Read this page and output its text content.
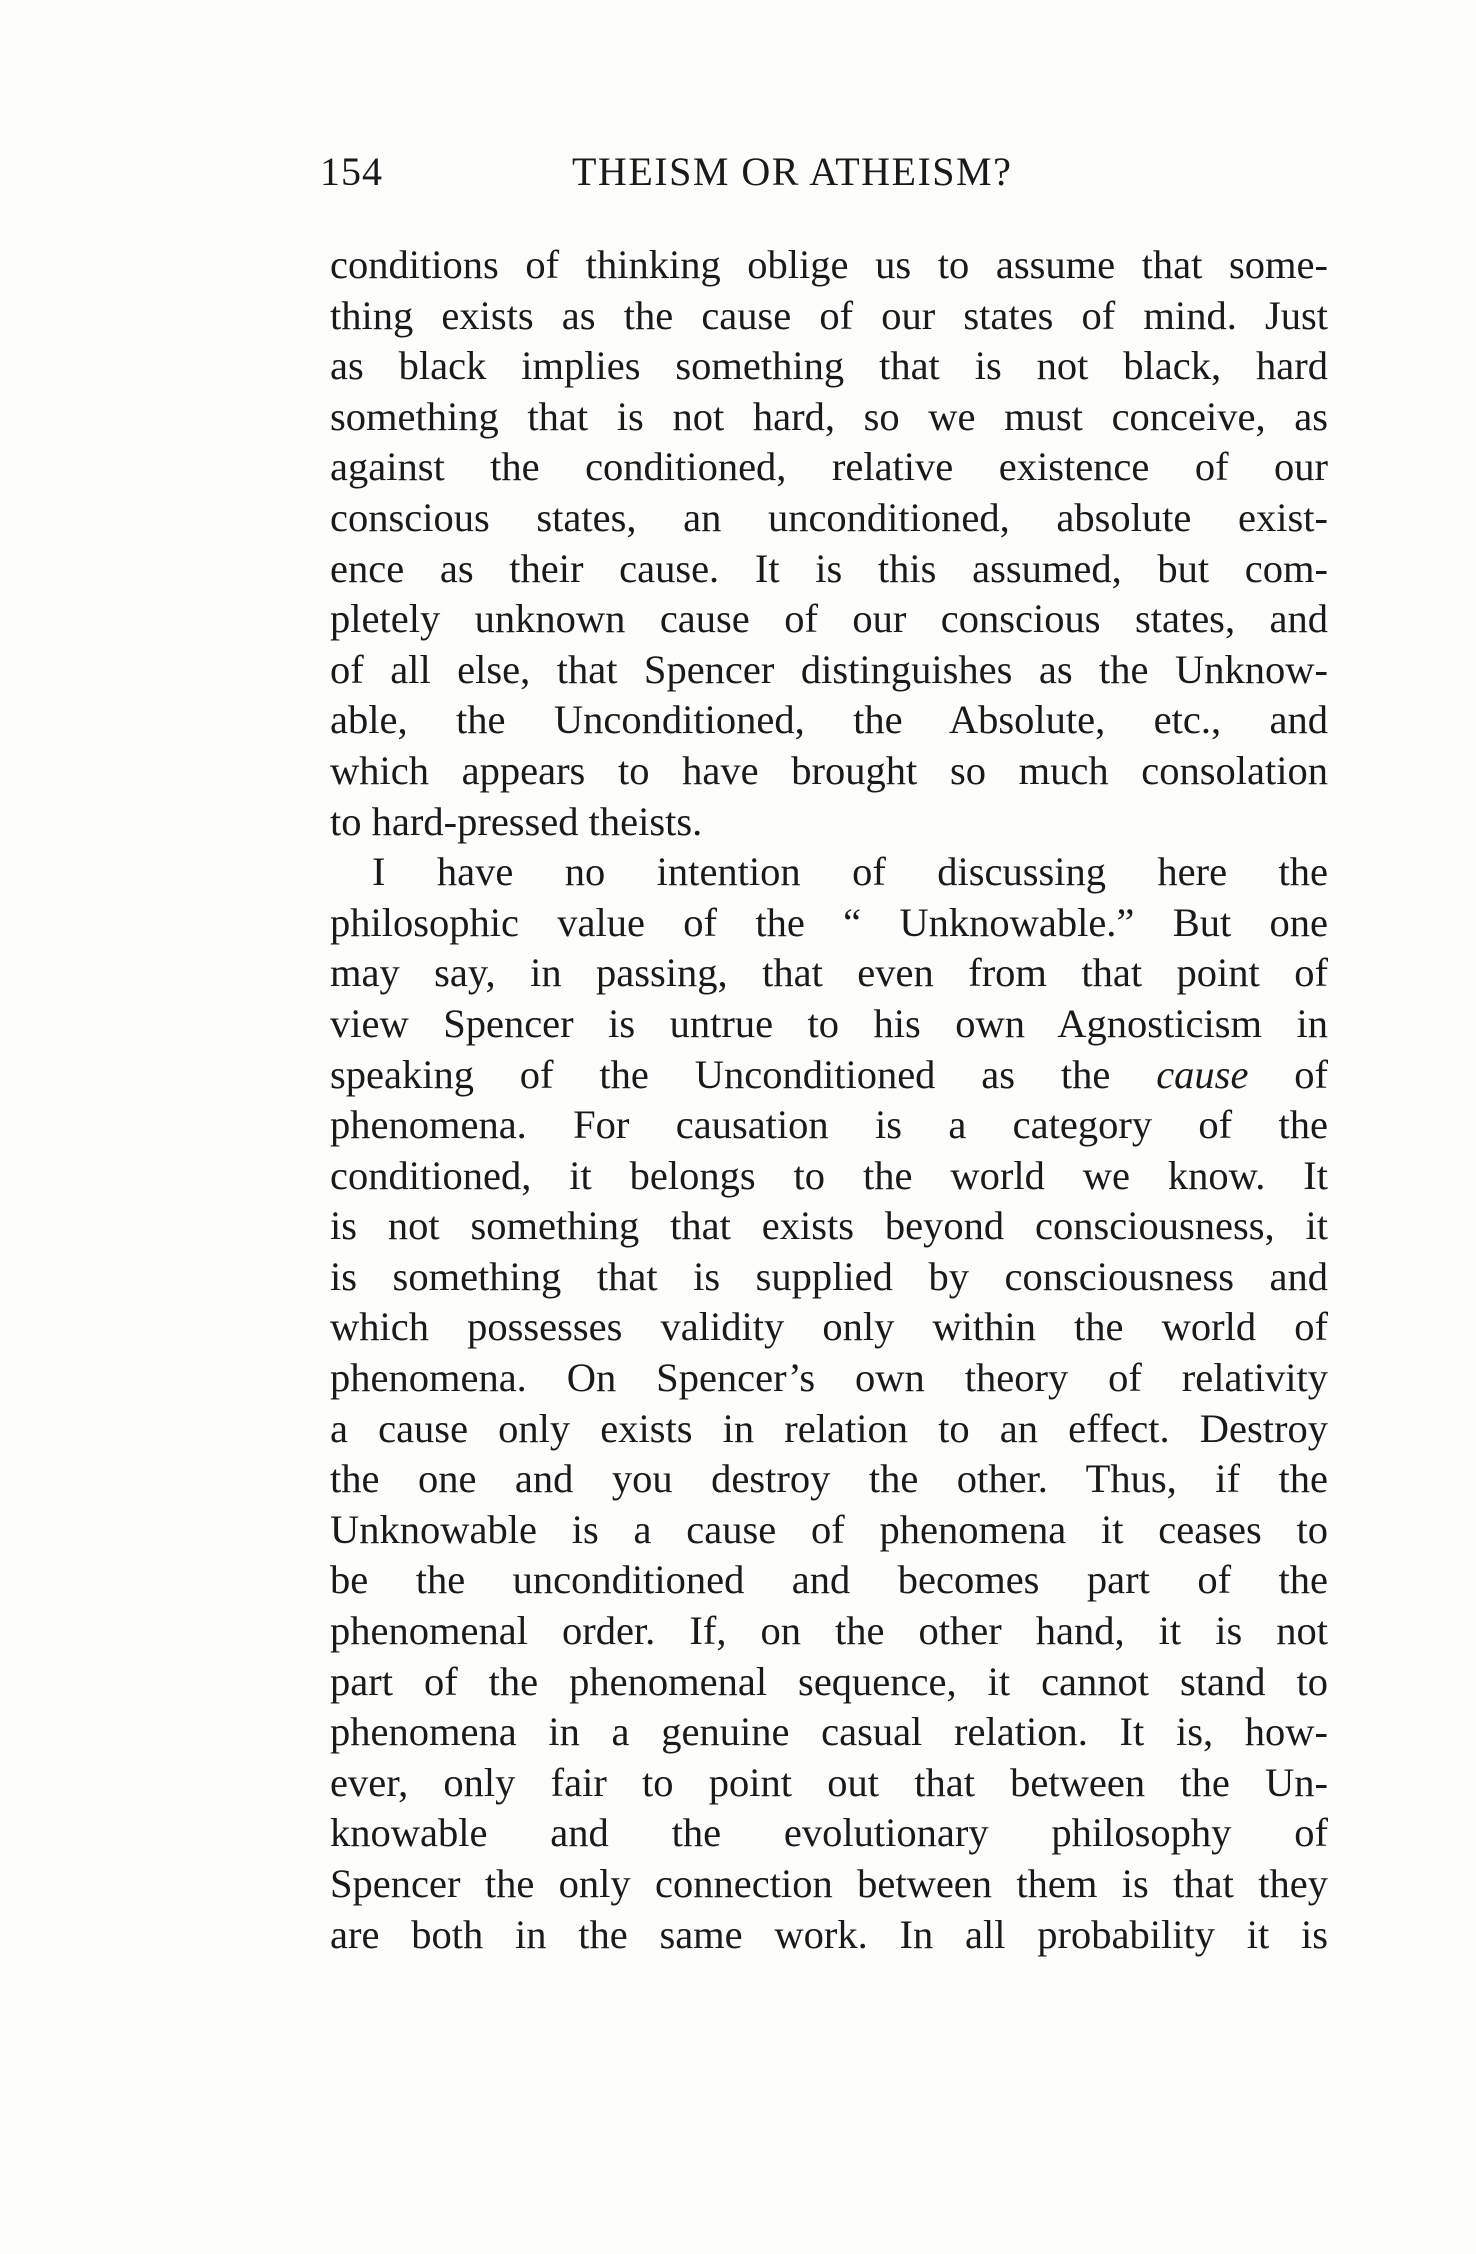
154	THEISM OR ATHEISM?
conditions of thinking oblige us to assume that some-
thing exists as the cause of our states of mind. Just
as black implies something that is not black, hard
something that is not hard, so we must conceive, as
against the conditioned, relative existence of our
conscious states, an unconditioned, absolute exist-
ence as their cause. It is this assumed, but com-
pletely unknown cause of our conscious states, and
of all else, that Spencer distinguishes as the Unknow-
able, the Unconditioned, the Absolute, etc., and
which appears to have brought so much consolation
to hard-pressed theists.
I have no intention of discussing here the
philosophic value of the “ Unknowable.” But one
may say, in passing, that even from that point of
view Spencer is untrue to his own Agnosticism in
speaking of the Unconditioned as the cause of
phenomena. For causation is a category of the
conditioned, it belongs to the world we know. It
is not something that exists beyond consciousness, it
is something that is supplied by consciousness and
which possesses validity only within the world of
phenomena. On Spencer’s own theory of relativity
a cause only exists in relation to an effect. Destroy
the one and you destroy the other. Thus, if the
Unknowable is a cause of phenomena it ceases to
be the unconditioned and becomes part of the
phenomenal order. If, on the other hand, it is not
part of the phenomenal sequence, it cannot stand to
phenomena in a genuine casual relation. It is, how-
ever, only fair to point out that between the Un-
knowable and the evolutionary philosophy of
Spencer the only connection between them is that they
are both in the same work. In all probability it is
